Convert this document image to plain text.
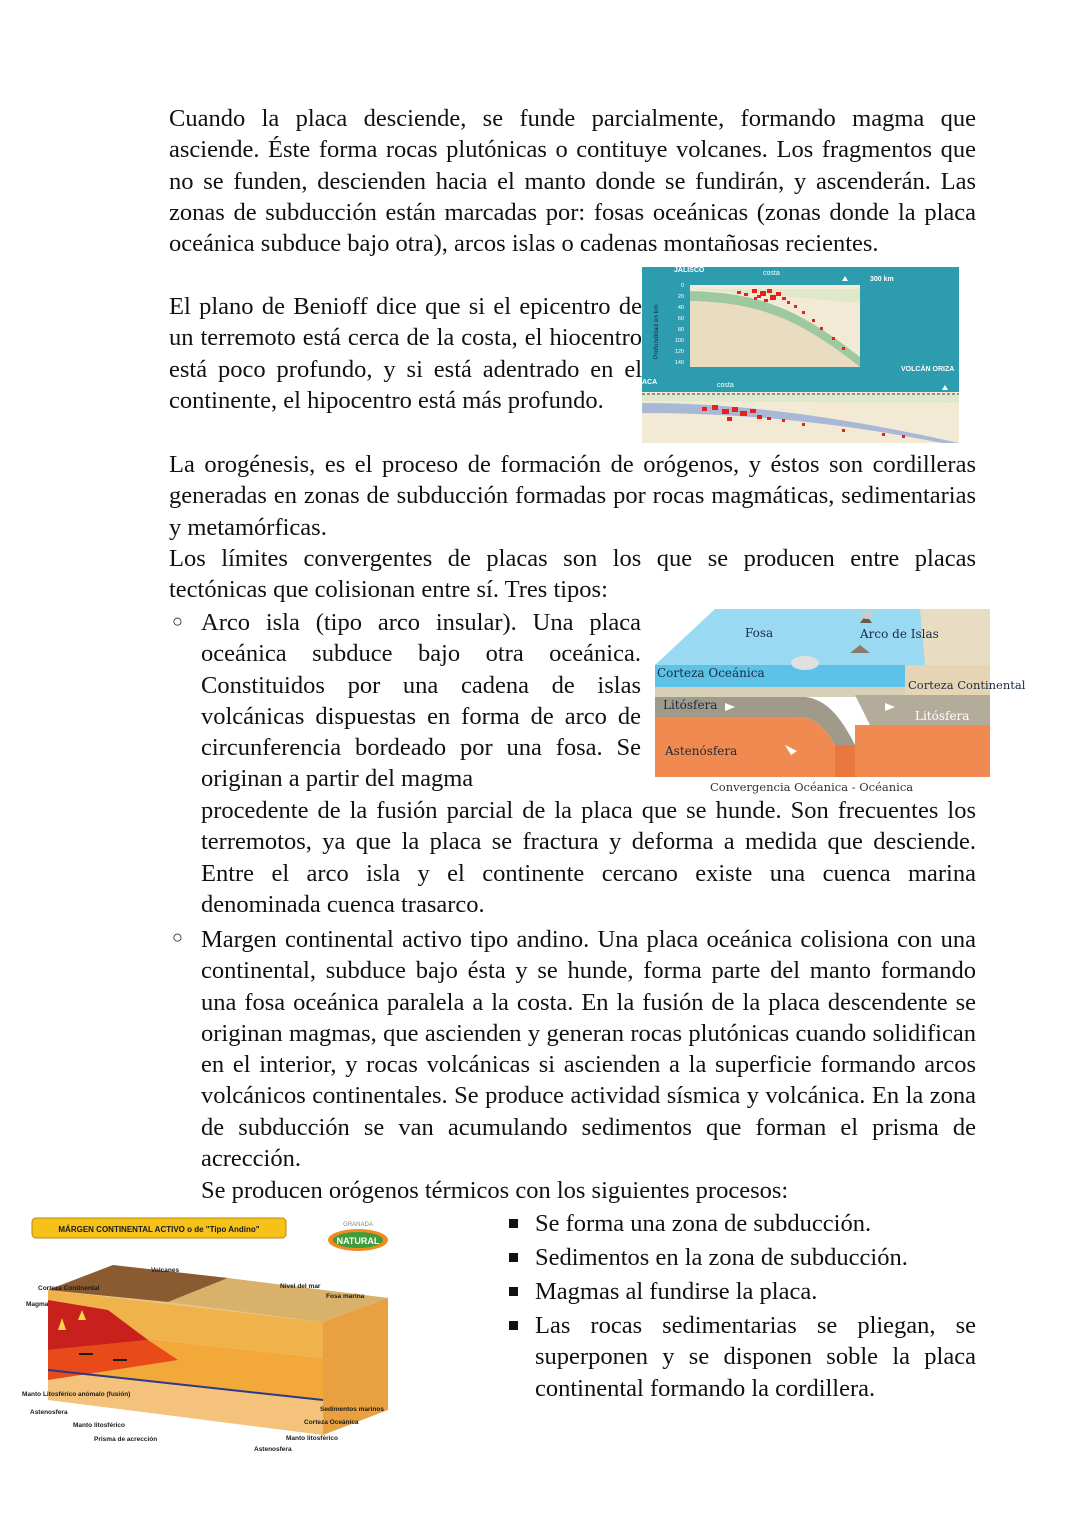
Cuando la placa desciende, se funde parcialmente, formando magma que asciende. Éste forma rocas plutónicas o contituye volcanes. Los fragmentos que no se funden, descienden hacia el manto donde se fundirán, y ascenderán. Las zonas de subducción están marcadas por: fosas oceánicas (zonas donde la placa oceánica subduce bajo otra), arcos islas o cadenas montañosas recientes.

El plano de Benioff dice que si el epicentro de un terremoto está cerca de la costa, el hiocentro está poco profundo, y si está adentrado en el continente, el hipocentro está más profundo.

JALISCO	costa
300 km
Profundidad en km
0
20
40
60
80
100
120
140
VOLCÁN ORIZA
ACA	costa

La orogénesis, es el proceso de formación de orógenos, y éstos son cordilleras generadas en zonas de subducción formadas por rocas magmáticas, sedimentarias y metamórficas.

Los límites convergentes de placas son los que se producen entre placas tectónicas que colisionan entre sí. Tres tipos:

○ Arco isla (tipo arco insular). Una placa oceánica subduce bajo otra oceánica. Constituidos por una cadena de islas volcánicas dispuestas en forma de arco de circunferencia bordeado por una fosa. Se originan a partir del magma

procedente de la fusión parcial de la placa que se hunde. Son frecuentes los terremotos, ya que la placa se fractura y deforma a medida que desciende. Entre el arco isla y el continente cercano existe una cuenca marina denominada cuenca trasarco.

Fosa	Arco de Islas
Corteza Oceánica
Corteza Continental
Litósfera
Litósfera
Astenósfera
Convergencia Océanica - Océanica
○ Margen continental activo tipo andino. Una placa oceánica colisiona con una continental, subduce bajo ésta y se hunde, forma parte del manto formando una fosa oceánica paralela a la costa. En la fusión de la placa descendente se originan magmas, que ascienden y generan rocas plutónicas cuando solidifican en el interior, y rocas volcánicas si ascienden a la superficie formando arcos volcánicos continentales. Se produce actividad sísmica y volcánica. En la zona de subducción se van acumulando sedimentos que forman el prisma de acrección.

Se producen orógenos térmicos con los siguientes procesos:

Se forma una zona de subducción.

Sedimentos en la zona de subducción.

Magmas al fundirse la placa.

Las rocas sedimentarias se pliegan, se superponen y se disponen soble la placa continental formando la cordillera.

MÁRGEN CONTINENTAL ACTIVO o de "Tipo Andino"
NATURAL
GRANADA
Volcanes
Corteza Continental	Nivel del mar
Fosa marina
Magma
Manto Litosférico anómalo (fusión)
Astenosfera
Manto litosférico
Prisma de acrección
Astenosfera
Manto litosférico
Corteza Oceánica
Sedimentos marinos
